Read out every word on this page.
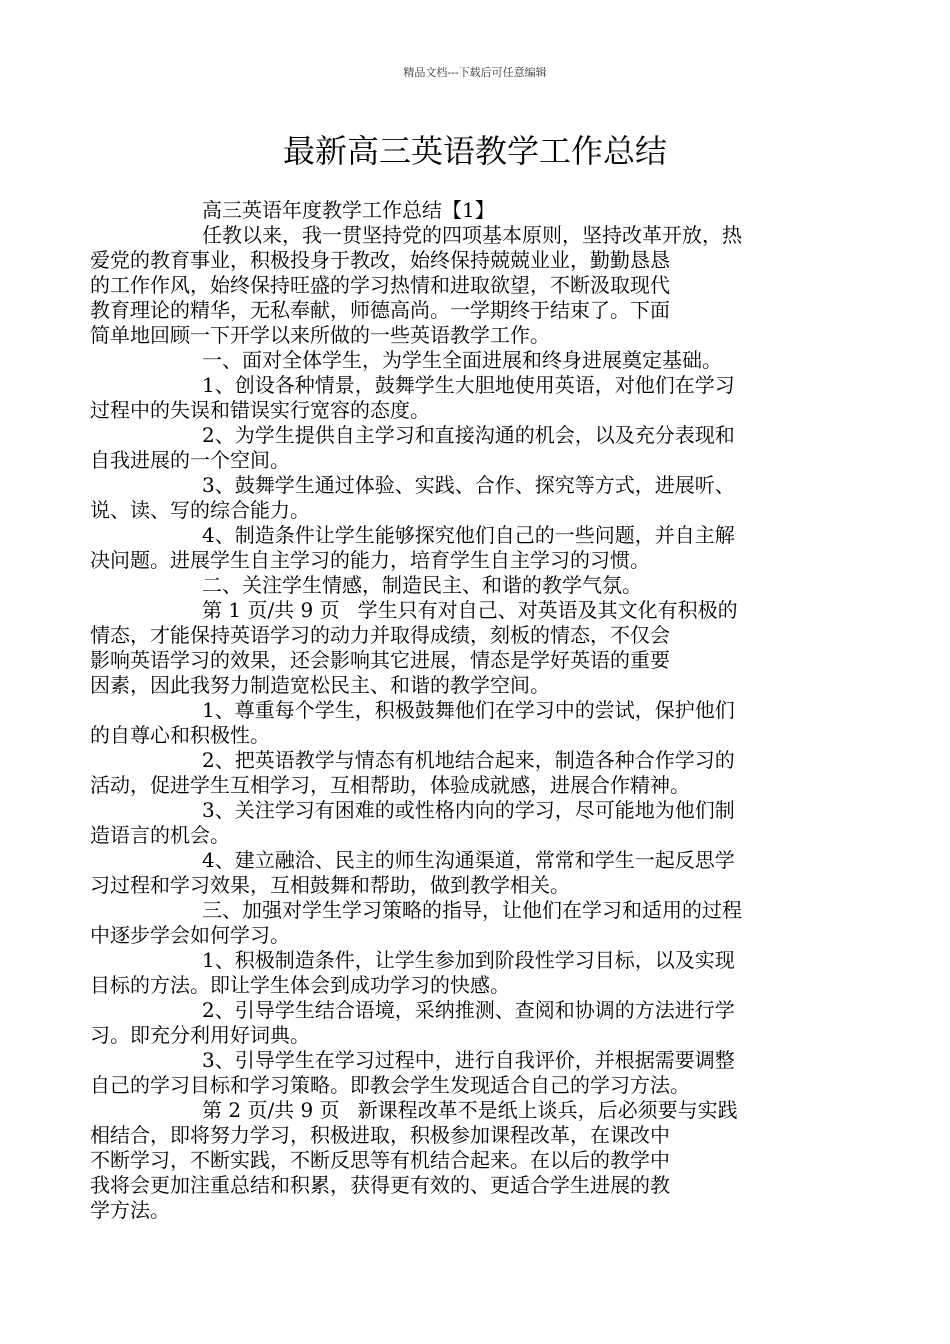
精品文档---下载后可任意编辑
最新高三英语教学工作总结

高三英语年度教学工作总结【1】

任教以来，我一贯坚持党的四项基本原则，坚持改革开放，热
爱党的教育事业，积极投身于教改，始终保持兢兢业业，勤勤恳恳
的工作作风，始终保持旺盛的学习热情和进取欲望，不断汲取现代
教育理论的精华，无私奉献，师德高尚。一学期终于结束了。下面
简单地回顾一下开学以来所做的一些英语教学工作。

一、面对全体学生，为学生全面进展和终身进展奠定基础。

1、创设各种情景，鼓舞学生大胆地使用英语，对他们在学习
过程中的失误和错误实行宽容的态度。

2、为学生提供自主学习和直接沟通的机会，以及充分表现和
自我进展的一个空间。

3、鼓舞学生通过体验、实践、合作、探究等方式，进展听、
说、读、写的综合能力。

4、制造条件让学生能够探究他们自己的一些问题，并自主解
决问题。进展学生自主学习的能力，培育学生自主学习的习惯。

二、关注学生情感，制造民主、和谐的教学气氛。

第 1 页/共 9 页 学生只有对自己、对英语及其文化有积极的
情态，才能保持英语学习的动力并取得成绩，刻板的情态，不仅会
影响英语学习的效果，还会影响其它进展，情态是学好英语的重要
因素，因此我努力制造宽松民主、和谐的教学空间。

1、尊重每个学生，积极鼓舞他们在学习中的尝试，保护他们
的自尊心和积极性。

2、把英语教学与情态有机地结合起来，制造各种合作学习的
活动，促进学生互相学习，互相帮助，体验成就感，进展合作精神。

3、关注学习有困难的或性格内向的学习，尽可能地为他们制
造语言的机会。

4、建立融洽、民主的师生沟通渠道，常常和学生一起反思学
习过程和学习效果，互相鼓舞和帮助，做到教学相关。

三、加强对学生学习策略的指导，让他们在学习和适用的过程
中逐步学会如何学习。

1、积极制造条件，让学生参加到阶段性学习目标，以及实现
目标的方法。即让学生体会到成功学习的快感。

2、引导学生结合语境，采纳推测、查阅和协调的方法进行学
习。即充分利用好词典。

3、引导学生在学习过程中，进行自我评价，并根据需要调整
自己的学习目标和学习策略。即教会学生发现适合自己的学习方法。

第 2 页/共 9 页 新课程改革不是纸上谈兵，后必须要与实践
相结合，即将努力学习，积极进取，积极参加课程改革，在课改中
不断学习，不断实践，不断反思等有机结合起来。在以后的教学中
我将会更加注重总结和积累，获得更有效的、更适合学生进展的教
学方法。
